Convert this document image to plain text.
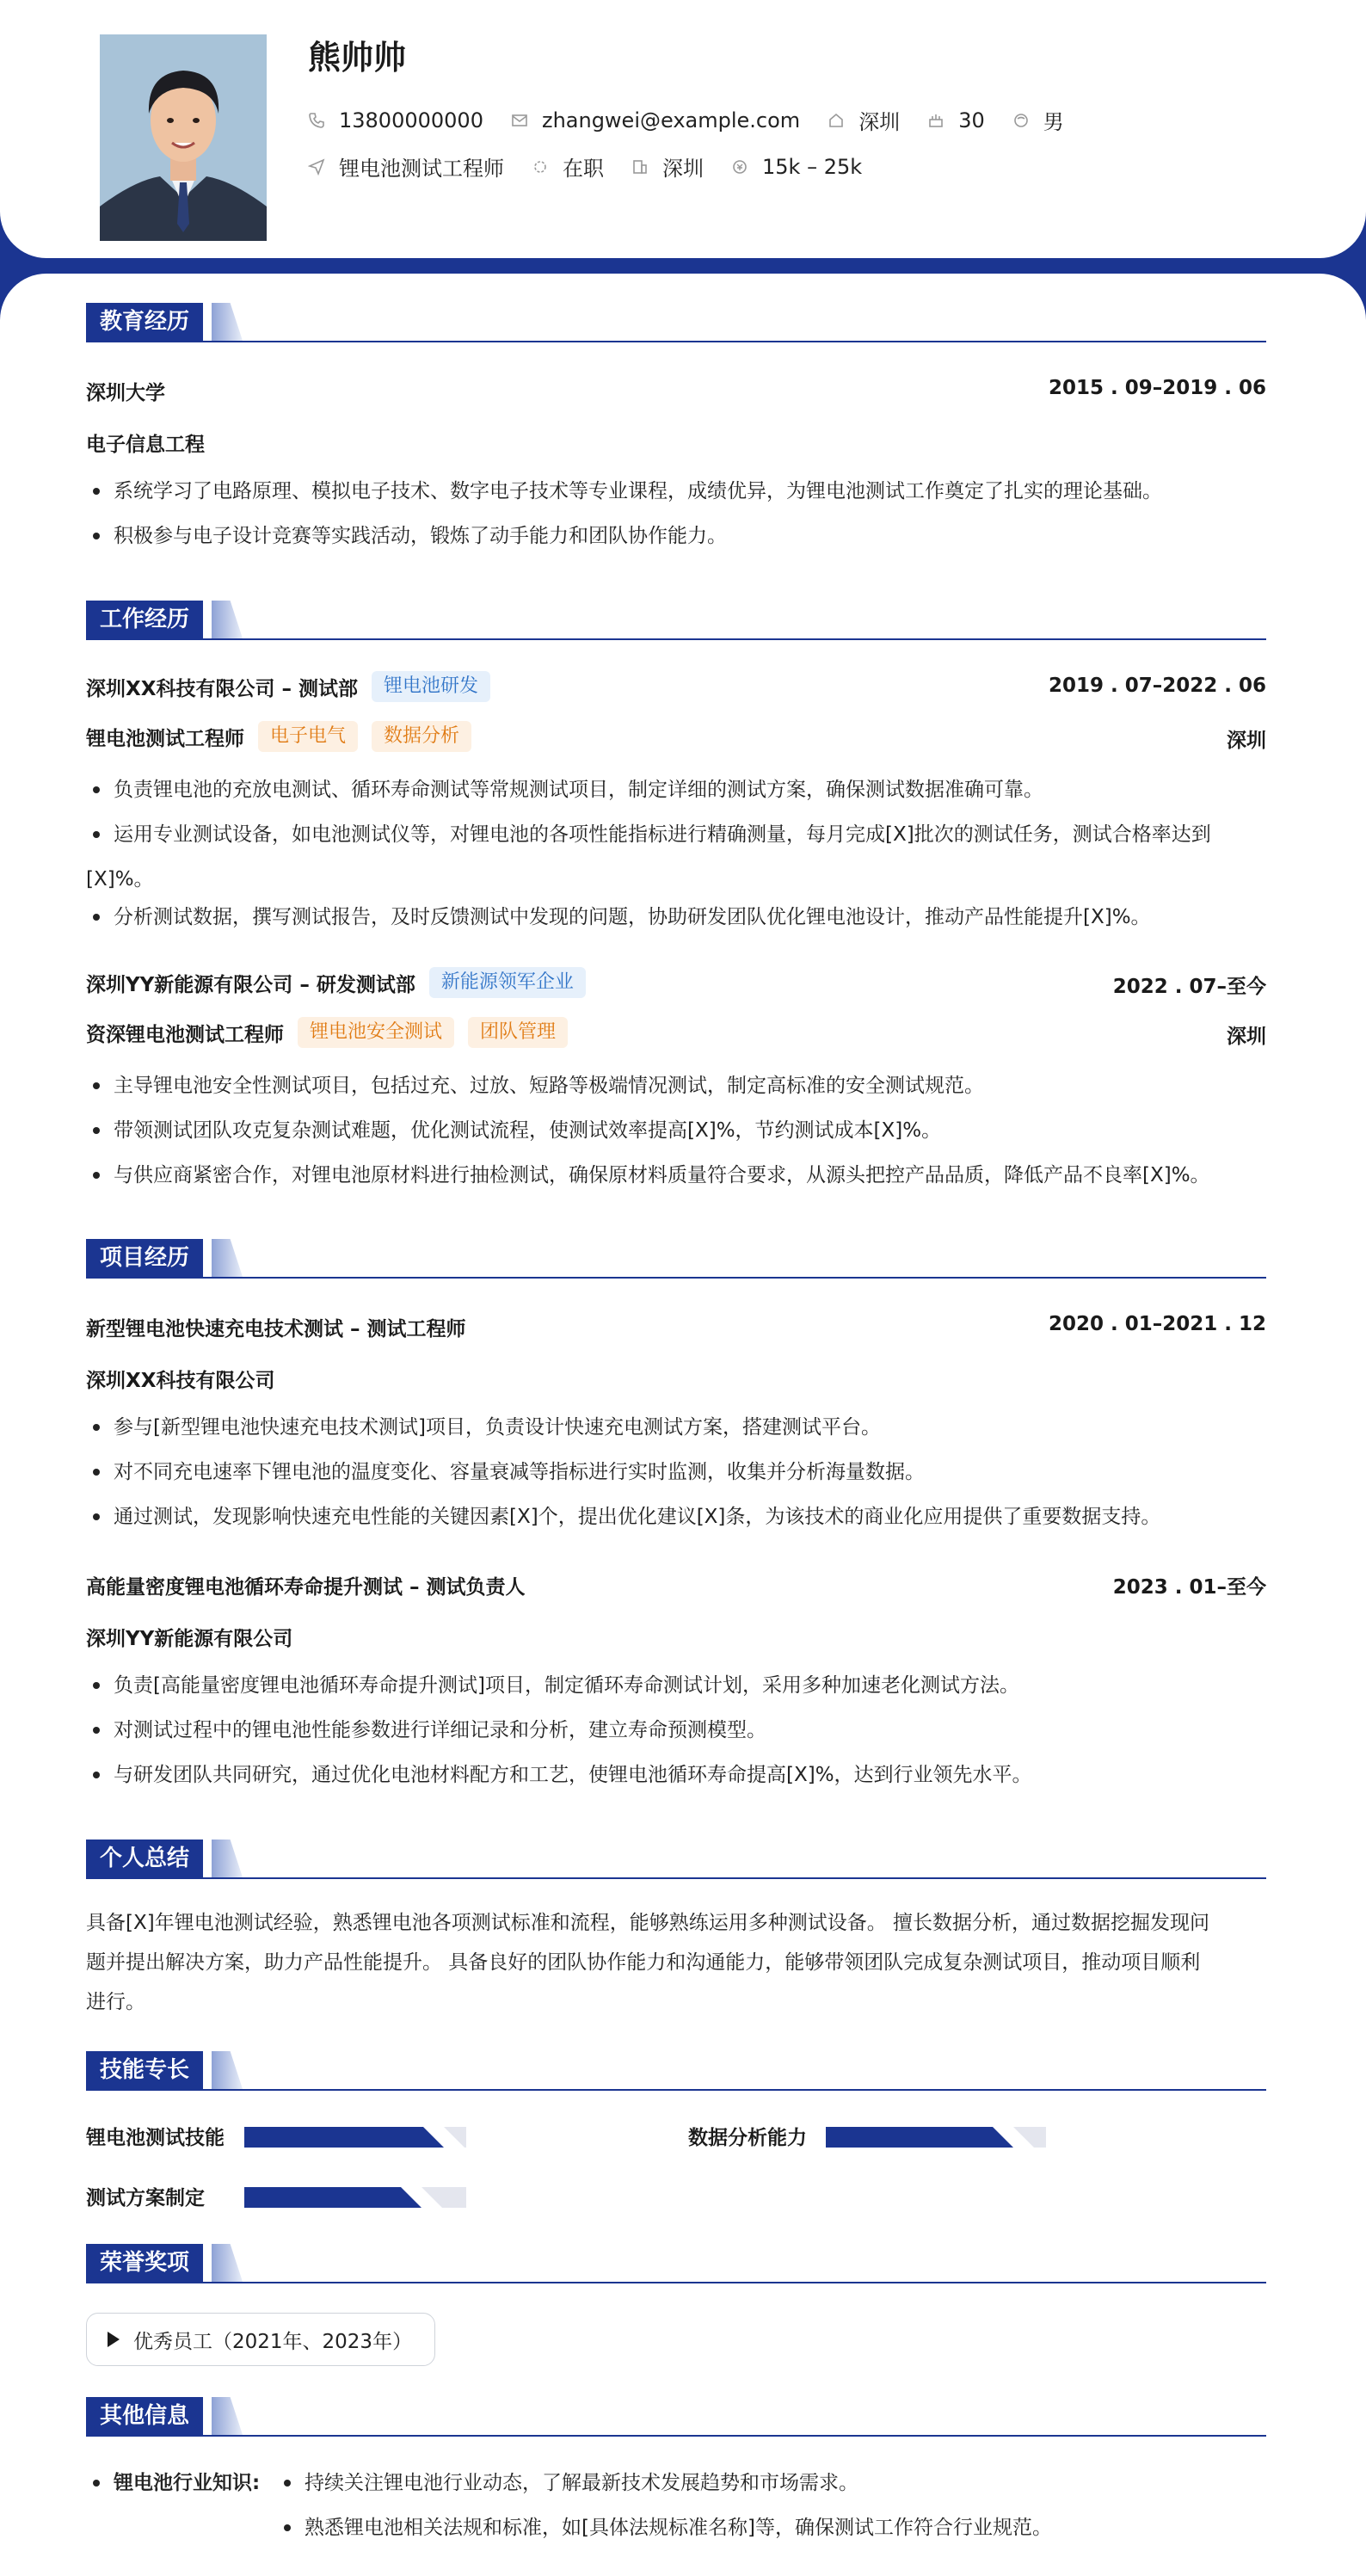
熊帅帅
13800000000	zhangwei@example.com	深圳	30	男
锂电池测试工程师	在职	深圳	15k – 25k
教育经历
深圳大学	2015 . 09–2019 . 06
电子信息工程
系统学习了电路原理、模拟电子技术、数字电子技术等专业课程，成绩优异，为锂电池测试工作奠定了扎实的理论基础。
积极参与电子设计竞赛等实践活动，锻炼了动手能力和团队协作能力。
工作经历
深圳XX科技有限公司 – 测试部	锂电池研发	2019 . 07–2022 . 06
锂电池测试工程师	电子电气	数据分析	深圳
负责锂电池的充放电测试、循环寿命测试等常规测试项目，制定详细的测试方案，确保测试数据准确可靠。
运用专业测试设备，如电池测试仪等，对锂电池的各项性能指标进行精确测量，每月完成[X]批次的测试任务，测试合格率达到[X]%。
分析测试数据，撰写测试报告，及时反馈测试中发现的问题，协助研发团队优化锂电池设计，推动产品性能提升[X]%。
深圳YY新能源有限公司 – 研发测试部	新能源领军企业	2022 . 07–至今
资深锂电池测试工程师	锂电池安全测试	团队管理	深圳
主导锂电池安全性测试项目，包括过充、过放、短路等极端情况测试，制定高标准的安全测试规范。
带领测试团队攻克复杂测试难题，优化测试流程，使测试效率提高[X]%，节约测试成本[X]%。
与供应商紧密合作，对锂电池原材料进行抽检测试，确保原材料质量符合要求，从源头把控产品品质，降低产品不良率[X]%。
项目经历
新型锂电池快速充电技术测试 – 测试工程师	2020 . 01–2021 . 12
深圳XX科技有限公司
参与[新型锂电池快速充电技术测试]项目，负责设计快速充电测试方案，搭建测试平台。
对不同充电速率下锂电池的温度变化、容量衰减等指标进行实时监测，收集并分析海量数据。
通过测试，发现影响快速充电性能的关键因素[X]个，提出优化建议[X]条，为该技术的商业化应用提供了重要数据支持。
高能量密度锂电池循环寿命提升测试 – 测试负责人	2023 . 01–至今
深圳YY新能源有限公司
负责[高能量密度锂电池循环寿命提升测试]项目，制定循环寿命测试计划，采用多种加速老化测试方法。
对测试过程中的锂电池性能参数进行详细记录和分析，建立寿命预测模型。
与研发团队共同研究，通过优化电池材料配方和工艺，使锂电池循环寿命提高[X]%，达到行业领先水平。
个人总结
具备[X]年锂电池测试经验，熟悉锂电池各项测试标准和流程，能够熟练运用多种测试设备。 擅长数据分析，通过数据挖掘发现问
题并提出解决方案，助力产品性能提升。 具备良好的团队协作能力和沟通能力，能够带领团队完成复杂测试项目，推动项目顺利
进行。
技能专长
锂电池测试技能	数据分析能力
测试方案制定
荣誉奖项
优秀员工（2021年、2023年）
其他信息
锂电池行业知识:	持续关注锂电池行业动态，了解最新技术发展趋势和市场需求。
熟悉锂电池相关法规和标准，如[具体法规标准名称]等，确保测试工作符合行业规范。
